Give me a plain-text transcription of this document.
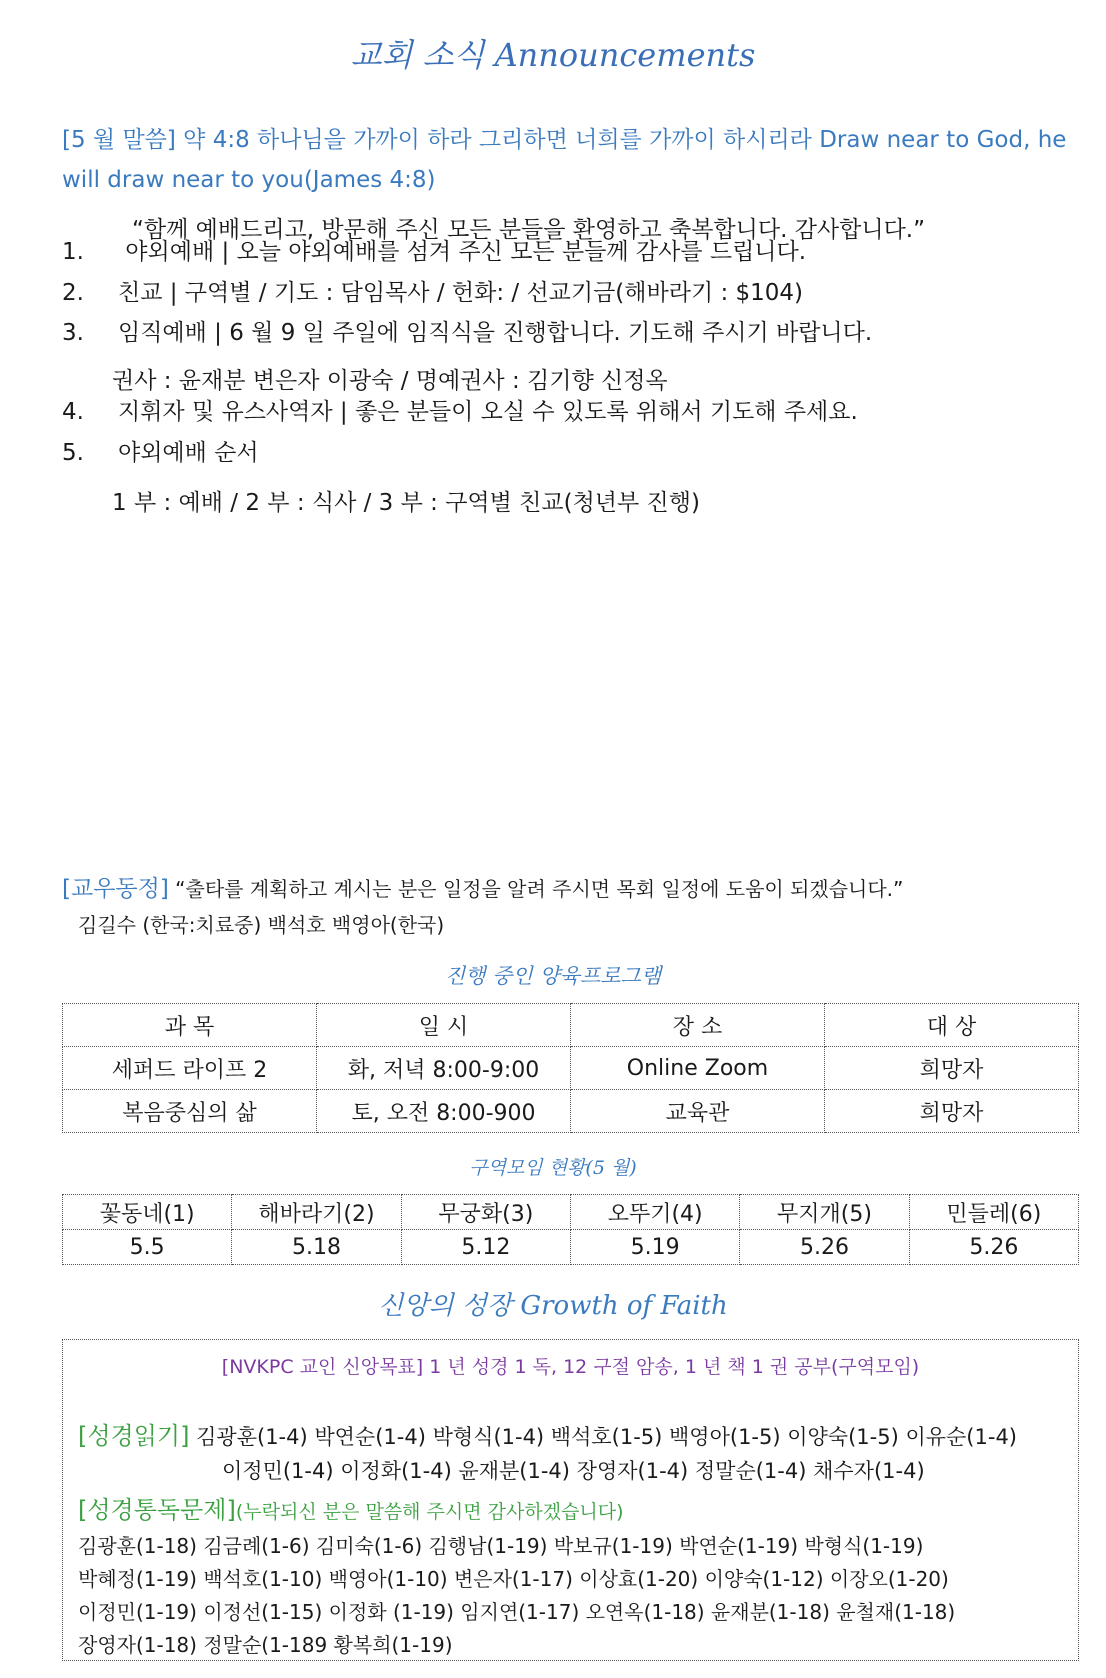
교회 소식 Announcements
[5 월 말씀] 약 4:8 하나님을 가까이 하라 그리하면 너희를 가까이 하시리라 Draw near to God, he will draw near to you(James 4:8)
“함께 예배드리고, 방문해 주신 모든 분들을 환영하고 축복합니다. 감사합니다.”
1. 야외예배 | 오늘 야외예배를 섬겨 주신 모든 분들께 감사를 드립니다.
2. 친교 | 구역별 / 기도 : 담임목사 / 헌화: / 선교기금(해바라기 : $104)
3. 임직예배 | 6 월 9 일 주일에 임직식을 진행합니다. 기도해 주시기 바랍니다.
권사 : 윤재분 변은자 이광숙 / 명예권사 : 김기향 신정옥
4. 지휘자 및 유스사역자 | 좋은 분들이 오실 수 있도록 위해서 기도해 주세요.
5. 야외예배 순서
1 부 : 예배 / 2 부 : 식사 / 3 부 : 구역별 친교(청년부 진행)
[교우동정] “출타를 계획하고 계시는 분은 일정을 알려 주시면 목회 일정에 도움이 되겠습니다.”
김길수 (한국:치료중) 백석호 백영아(한국)
진행 중인 양육프로그램
과 목	일 시	장 소	대 상
세퍼드 라이프 2	화, 저녁 8:00-9:00	Online Zoom	희망자
복음중심의 삶	토, 오전 8:00-900	교육관	희망자
구역모임 현황(5 월)
꽃동네(1)	해바라기(2)	무궁화(3)	오뚜기(4)	무지개(5)	민들레(6)
5.5	5.18	5.12	5.19	5.26	5.26
신앙의 성장 Growth of Faith
[NVKPC 교인 신앙목표] 1 년 성경 1 독, 12 구절 암송, 1 년 책 1 권 공부(구역모임)
[성경읽기] 김광훈(1-4) 박연순(1-4) 박형식(1-4) 백석호(1-5) 백영아(1-5) 이양숙(1-5) 이유순(1-4)
이정민(1-4) 이정화(1-4) 윤재분(1-4) 장영자(1-4) 정말순(1-4) 채수자(1-4)
[성경통독문제](누락되신 분은 말씀해 주시면 감사하겠습니다)
김광훈(1-18) 김금례(1-6) 김미숙(1-6) 김행남(1-19) 박보규(1-19) 박연순(1-19) 박형식(1-19)
박혜정(1-19) 백석호(1-10) 백영아(1-10) 변은자(1-17) 이상효(1-20) 이양숙(1-12) 이장오(1-20)
이정민(1-19) 이정선(1-15) 이정화 (1-19) 임지연(1-17) 오연옥(1-18) 윤재분(1-18) 윤철재(1-18)
장영자(1-18) 정말순(1-189 황복희(1-19)
